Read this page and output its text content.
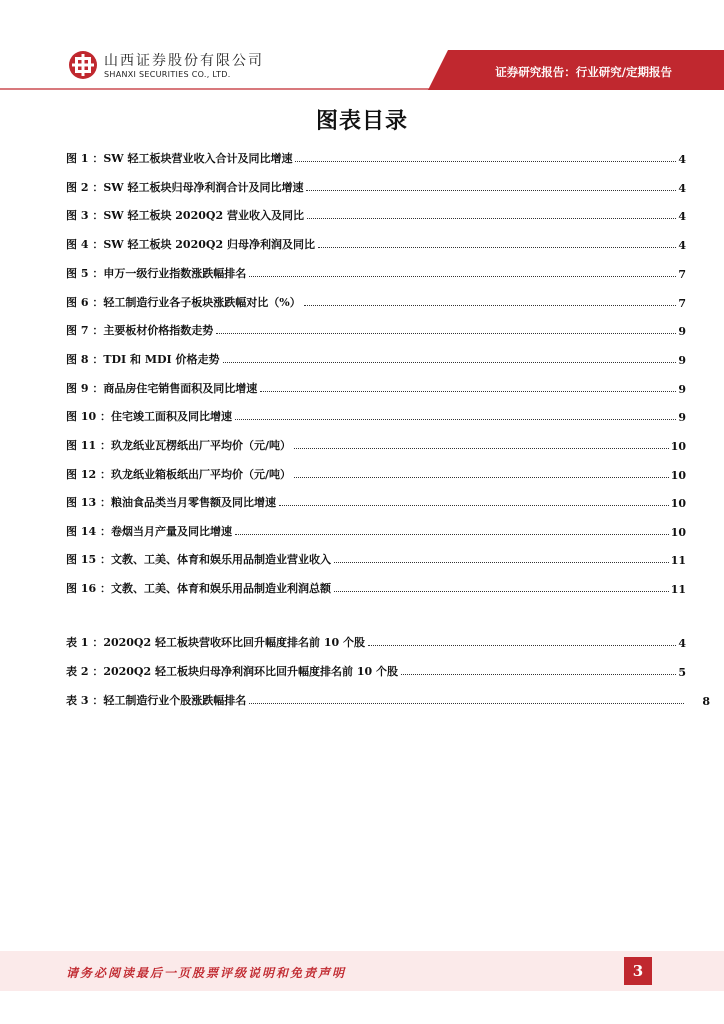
山西证券股份有限公司
SHANXI SECURITIES CO., LTD.	证券研究报告：行业研究/定期报告
图表目录
图 1 ：SW 轻工板块营业收入合计及同比增速	4
图 2 ：SW 轻工板块归母净利润合计及同比增速	4
图 3 ：SW 轻工板块 2020Q2 营业收入及同比	4
图 4 ：SW 轻工板块 2020Q2 归母净利润及同比	4
图 5 ：申万一级行业指数涨跌幅排名	7
图 6 ：轻工制造行业各子板块涨跌幅对比（%）	7
图 7 ：主要板材价格指数走势	9
图 8 ：TDI 和 MDI 价格走势	9
图 9 ：商品房住宅销售面积及同比增速	9
图 10 ：住宅竣工面积及同比增速	9
图 11 ：玖龙纸业瓦楞纸出厂平均价（元/吨）	10
图 12 ：玖龙纸业箱板纸出厂平均价（元/吨）	10
图 13 ：粮油食品类当月零售额及同比增速	10
图 14 ：卷烟当月产量及同比增速	10
图 15 ：文教、工美、体育和娱乐用品制造业营业收入	11
图 16 ：文教、工美、体育和娱乐用品制造业利润总额	11
表 1 ：2020Q2 轻工板块营收环比回升幅度排名前 10 个股	4
表 2 ：2020Q2 轻工板块归母净利润环比回升幅度排名前 10 个股	5
表 3 ：轻工制造行业个股涨跌幅排名	8
请务必阅读最后一页股票评级说明和免责声明	3
